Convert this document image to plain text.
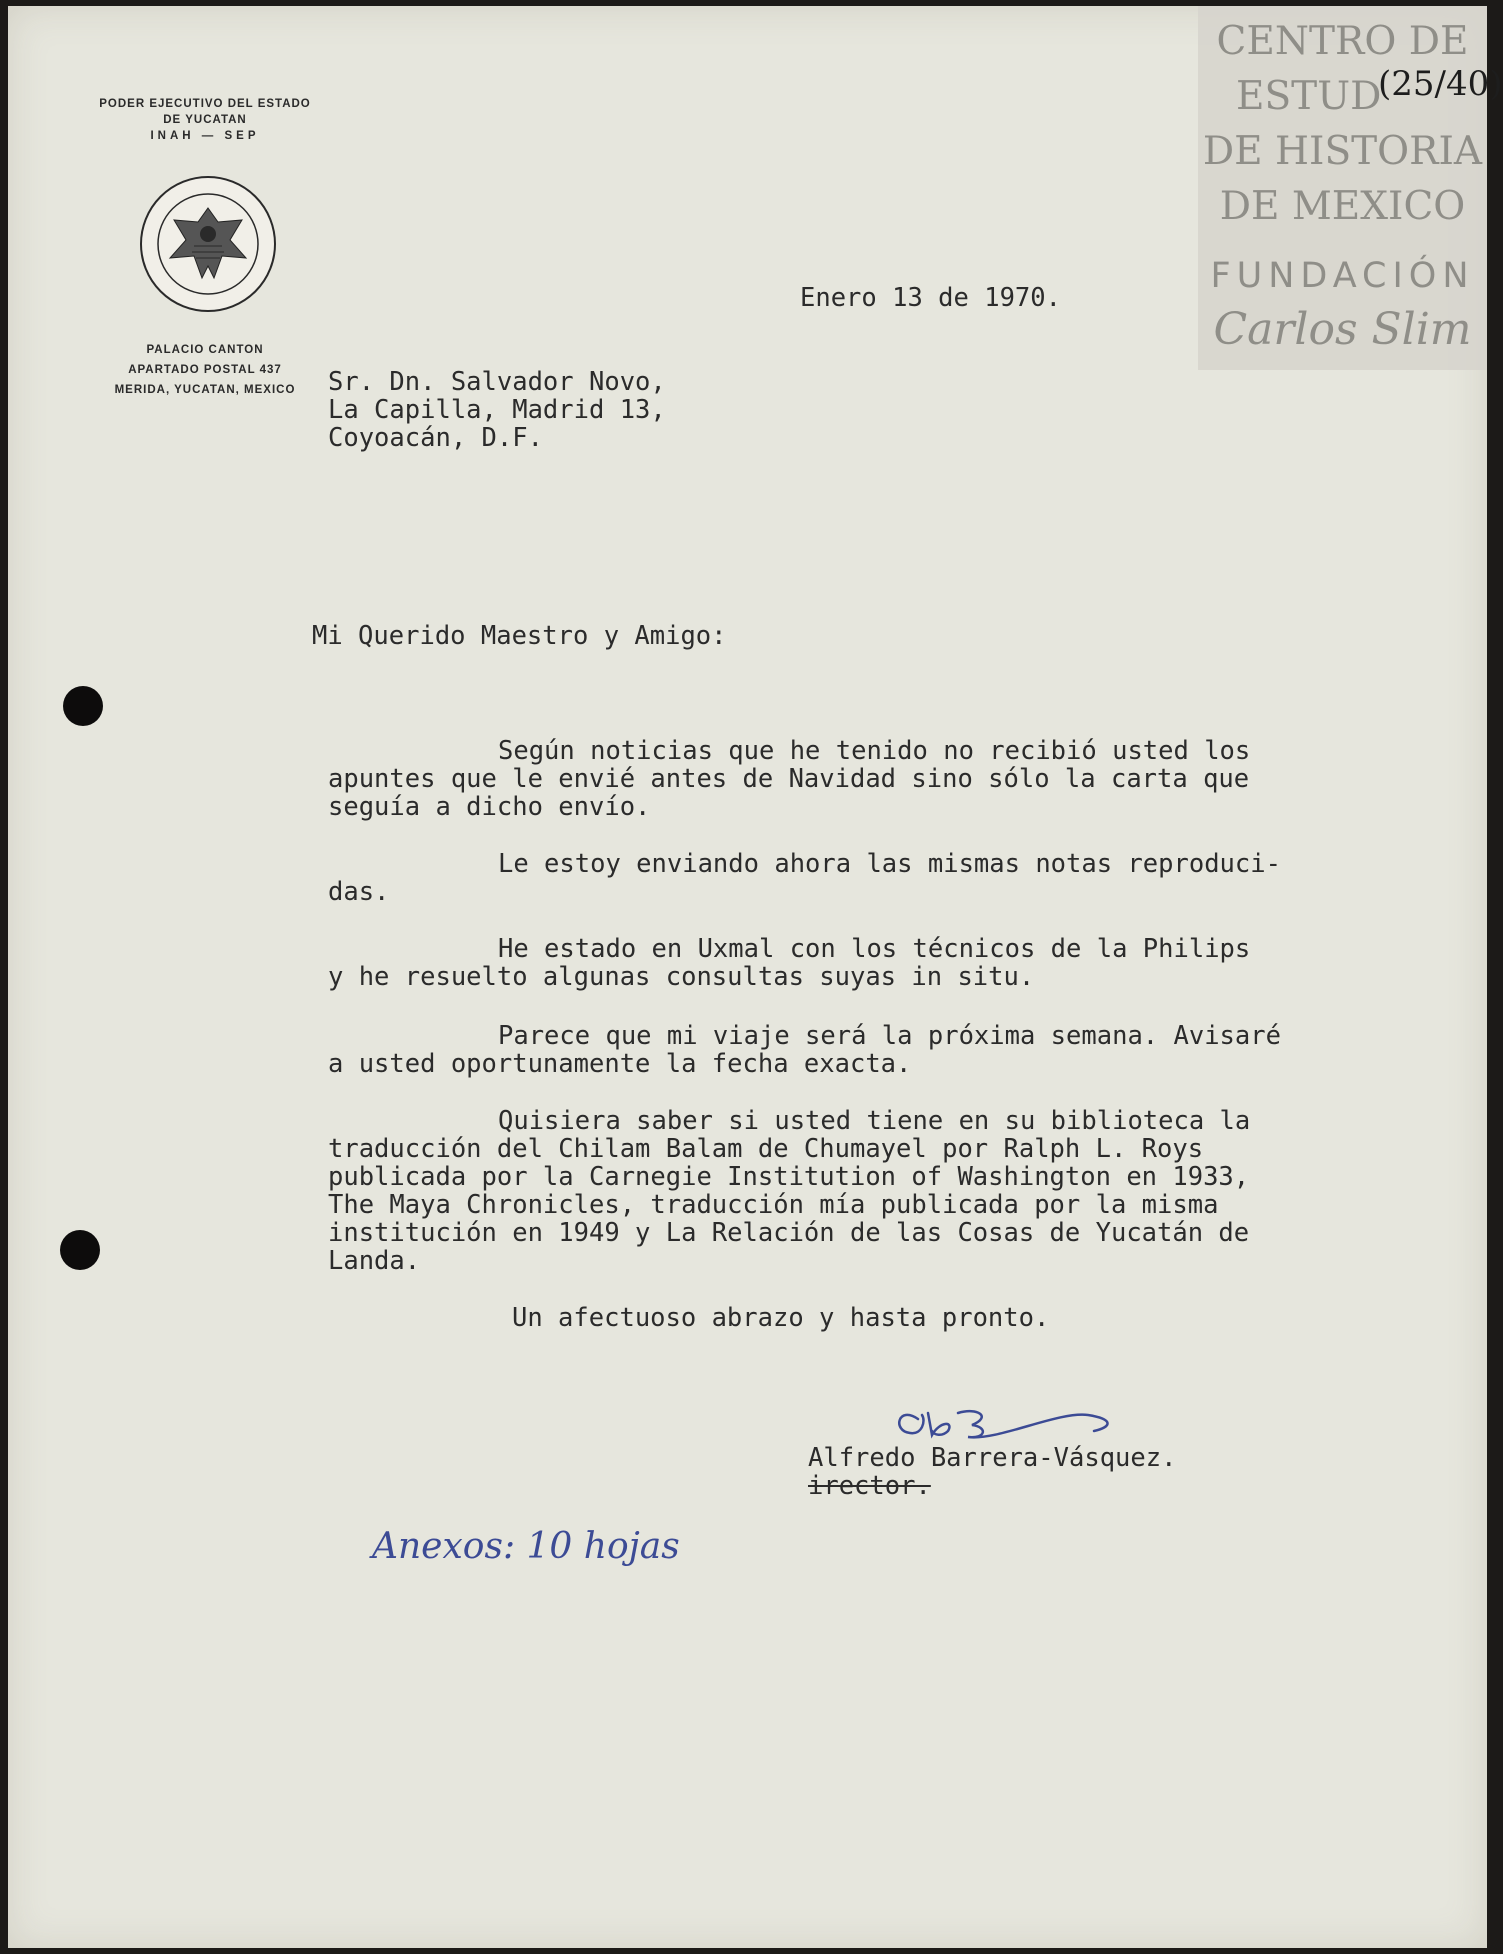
PODER EJECUTIVO DEL ESTADO
DE YUCATAN
INAH — SEP
PALACIO CANTON
APARTADO POSTAL 437
MERIDA, YUCATAN, MEXICO
CENTRO DE
ESTUD
DE HISTORIA
DE MEXICO
FUNDACIÓN
Carlos Slim
(25/40)
Enero 13 de 1970.
Sr. Dn. Salvador Novo,
La Capilla, Madrid 13,
Coyoacán, D.F.
Mi Querido Maestro y Amigo:
Según noticias que he tenido no recibió usted los
apuntes que le envié antes de Navidad sino sólo la carta que
seguía a dicho envío.
Le estoy enviando ahora las mismas notas reproduci-
das.
He estado en Uxmal con los técnicos de la Philips
y he resuelto algunas consultas suyas in situ.
Parece que mi viaje será la próxima semana. Avisaré
a usted oportunamente la fecha exacta.
Quisiera saber si usted tiene en su biblioteca la
traducción del Chilam Balam de Chumayel por Ralph L. Roys
publicada por la Carnegie Institution of Washington en 1933,
The Maya Chronicles, traducción mía publicada por la misma
institución en 1949 y La Relación de las Cosas de Yucatán de
Landa.
Un afectuoso abrazo y hasta pronto.
Alfredo Barrera-Vásquez.
irector.
Anexos: 10 hojas
